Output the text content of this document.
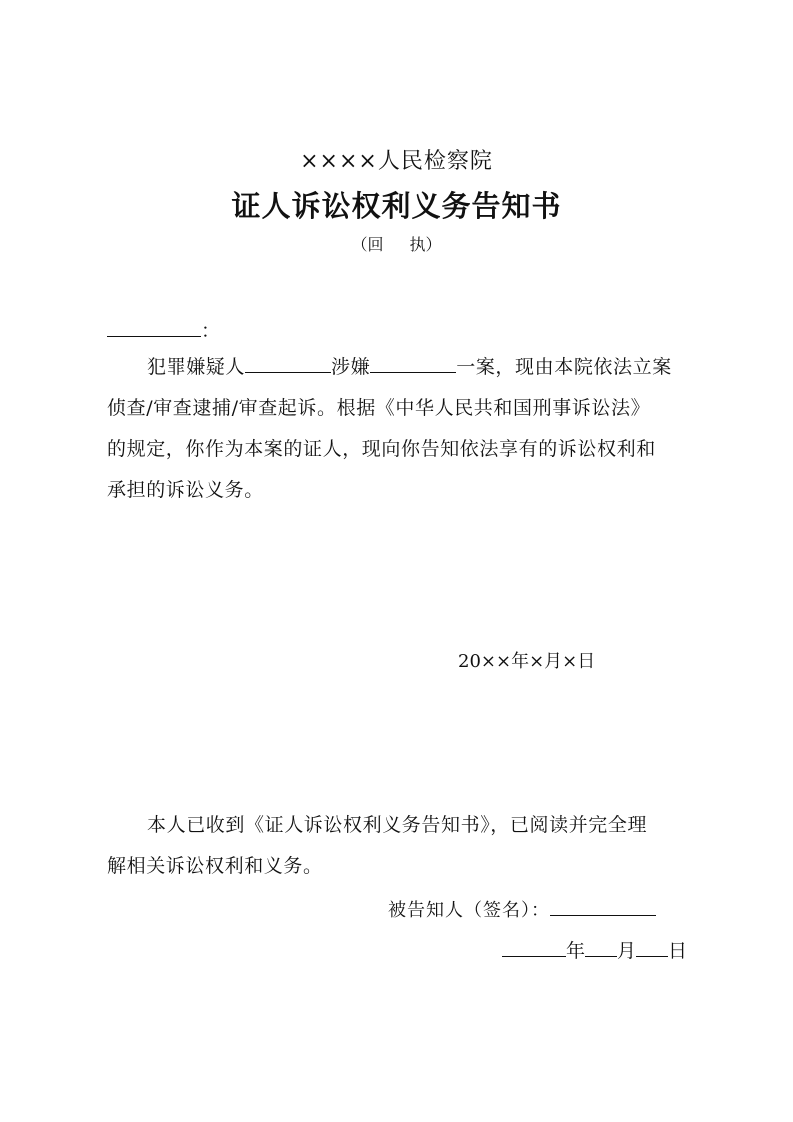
××××人民检察院
证人诉讼权利义务告知书
（回 执）
：
犯罪嫌疑人	涉嫌	一案，现由本院依法立案
侦查/审查逮捕/审查起诉。根据《中华人民共和国刑事诉讼法》
的规定，你作为本案的证人，现向你告知依法享有的诉讼权利和
承担的诉讼义务。
20××年×月×日
本人已收到《证人诉讼权利义务告知书》，已阅读并完全理
解相关诉讼权利和义务。
被告知人（签名）：
年 月 日
